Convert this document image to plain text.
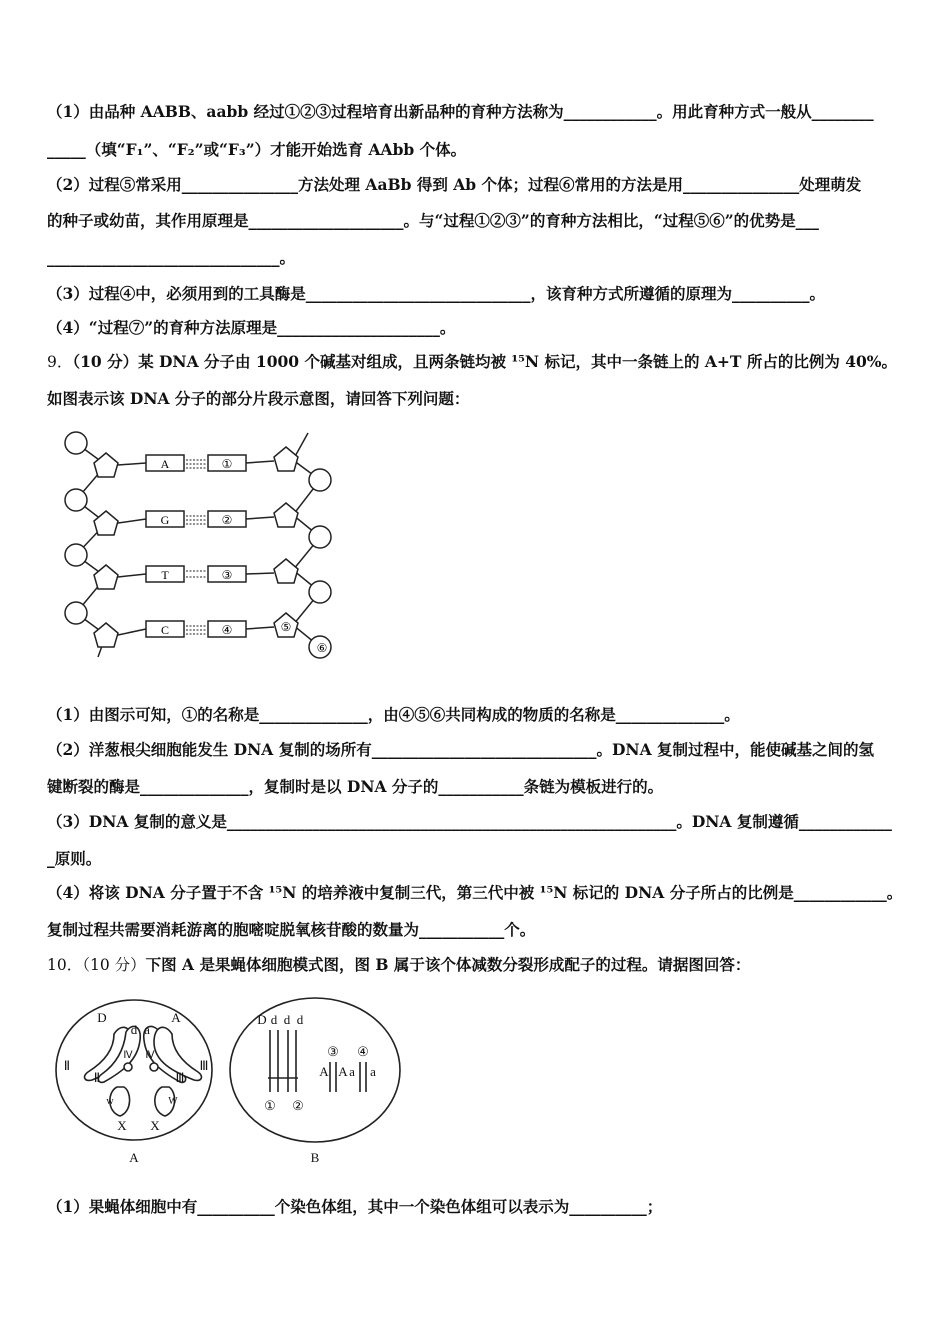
（1）由品种 AABB、aabb 经过①②③过程培育出新品种的育种方法称为____________。用此育种方式一般从________
_____（填“F₁”、“F₂”或“F₃”）才能开始选育 AAbb 个体。
（2）过程⑤常采用_______________方法处理 AaBb 得到 Ab 个体；过程⑥常用的方法是用_______________处理萌发
的种子或幼苗，其作用原理是____________________。与“过程①②③”的育种方法相比，“过程⑤⑥”的优势是___
______________________________。
（3）过程④中，必须用到的工具酶是_____________________________，该育种方式所遵循的原理为__________。
（4）“过程⑦”的育种方法原理是_____________________。
9．（10 分）某 DNA 分子由 1000 个碱基对组成，且两条链均被 ¹⁵N 标记，其中一条链上的 A+T 所占的比例为 40%。
如图表示该 DNA 分子的部分片段示意图，请回答下列问题：
A
G
T
C
①
②
③
④	⑤
⑥
（1）由图示可知，①的名称是______________，由④⑤⑥共同构成的物质的名称是______________。
（2）洋葱根尖细胞能发生 DNA 复制的场所有_____________________________。DNA 复制过程中，能使碱基之间的氢
键断裂的酶是______________，复制时是以 DNA 分子的___________条链为模板进行的。
（3）DNA 复制的意义是__________________________________________________________。DNA 复制遵循____________
_原则。
（4）将该 DNA 分子置于不含 ¹⁵N 的培养液中复制三代，第三代中被 ¹⁵N 标记的 DNA 分子所占的比例是____________。
复制过程共需要消耗游离的胞嘧啶脱氧核苷酸的数量为___________个。
10．（10 分）下图 A 是果蝇体细胞模式图，图 B 属于该个体减数分裂形成配子的过程。请据图回答：
D
d a
A
Ⅱ
Ⅱ
Ⅳ Ⅳ
Ⅲ
Ⅲ
w	W
X X
A
D d d d
③ ④
A A a a
① ②
B
（1）果蝇体细胞中有__________个染色体组，其中一个染色体组可以表示为__________；
